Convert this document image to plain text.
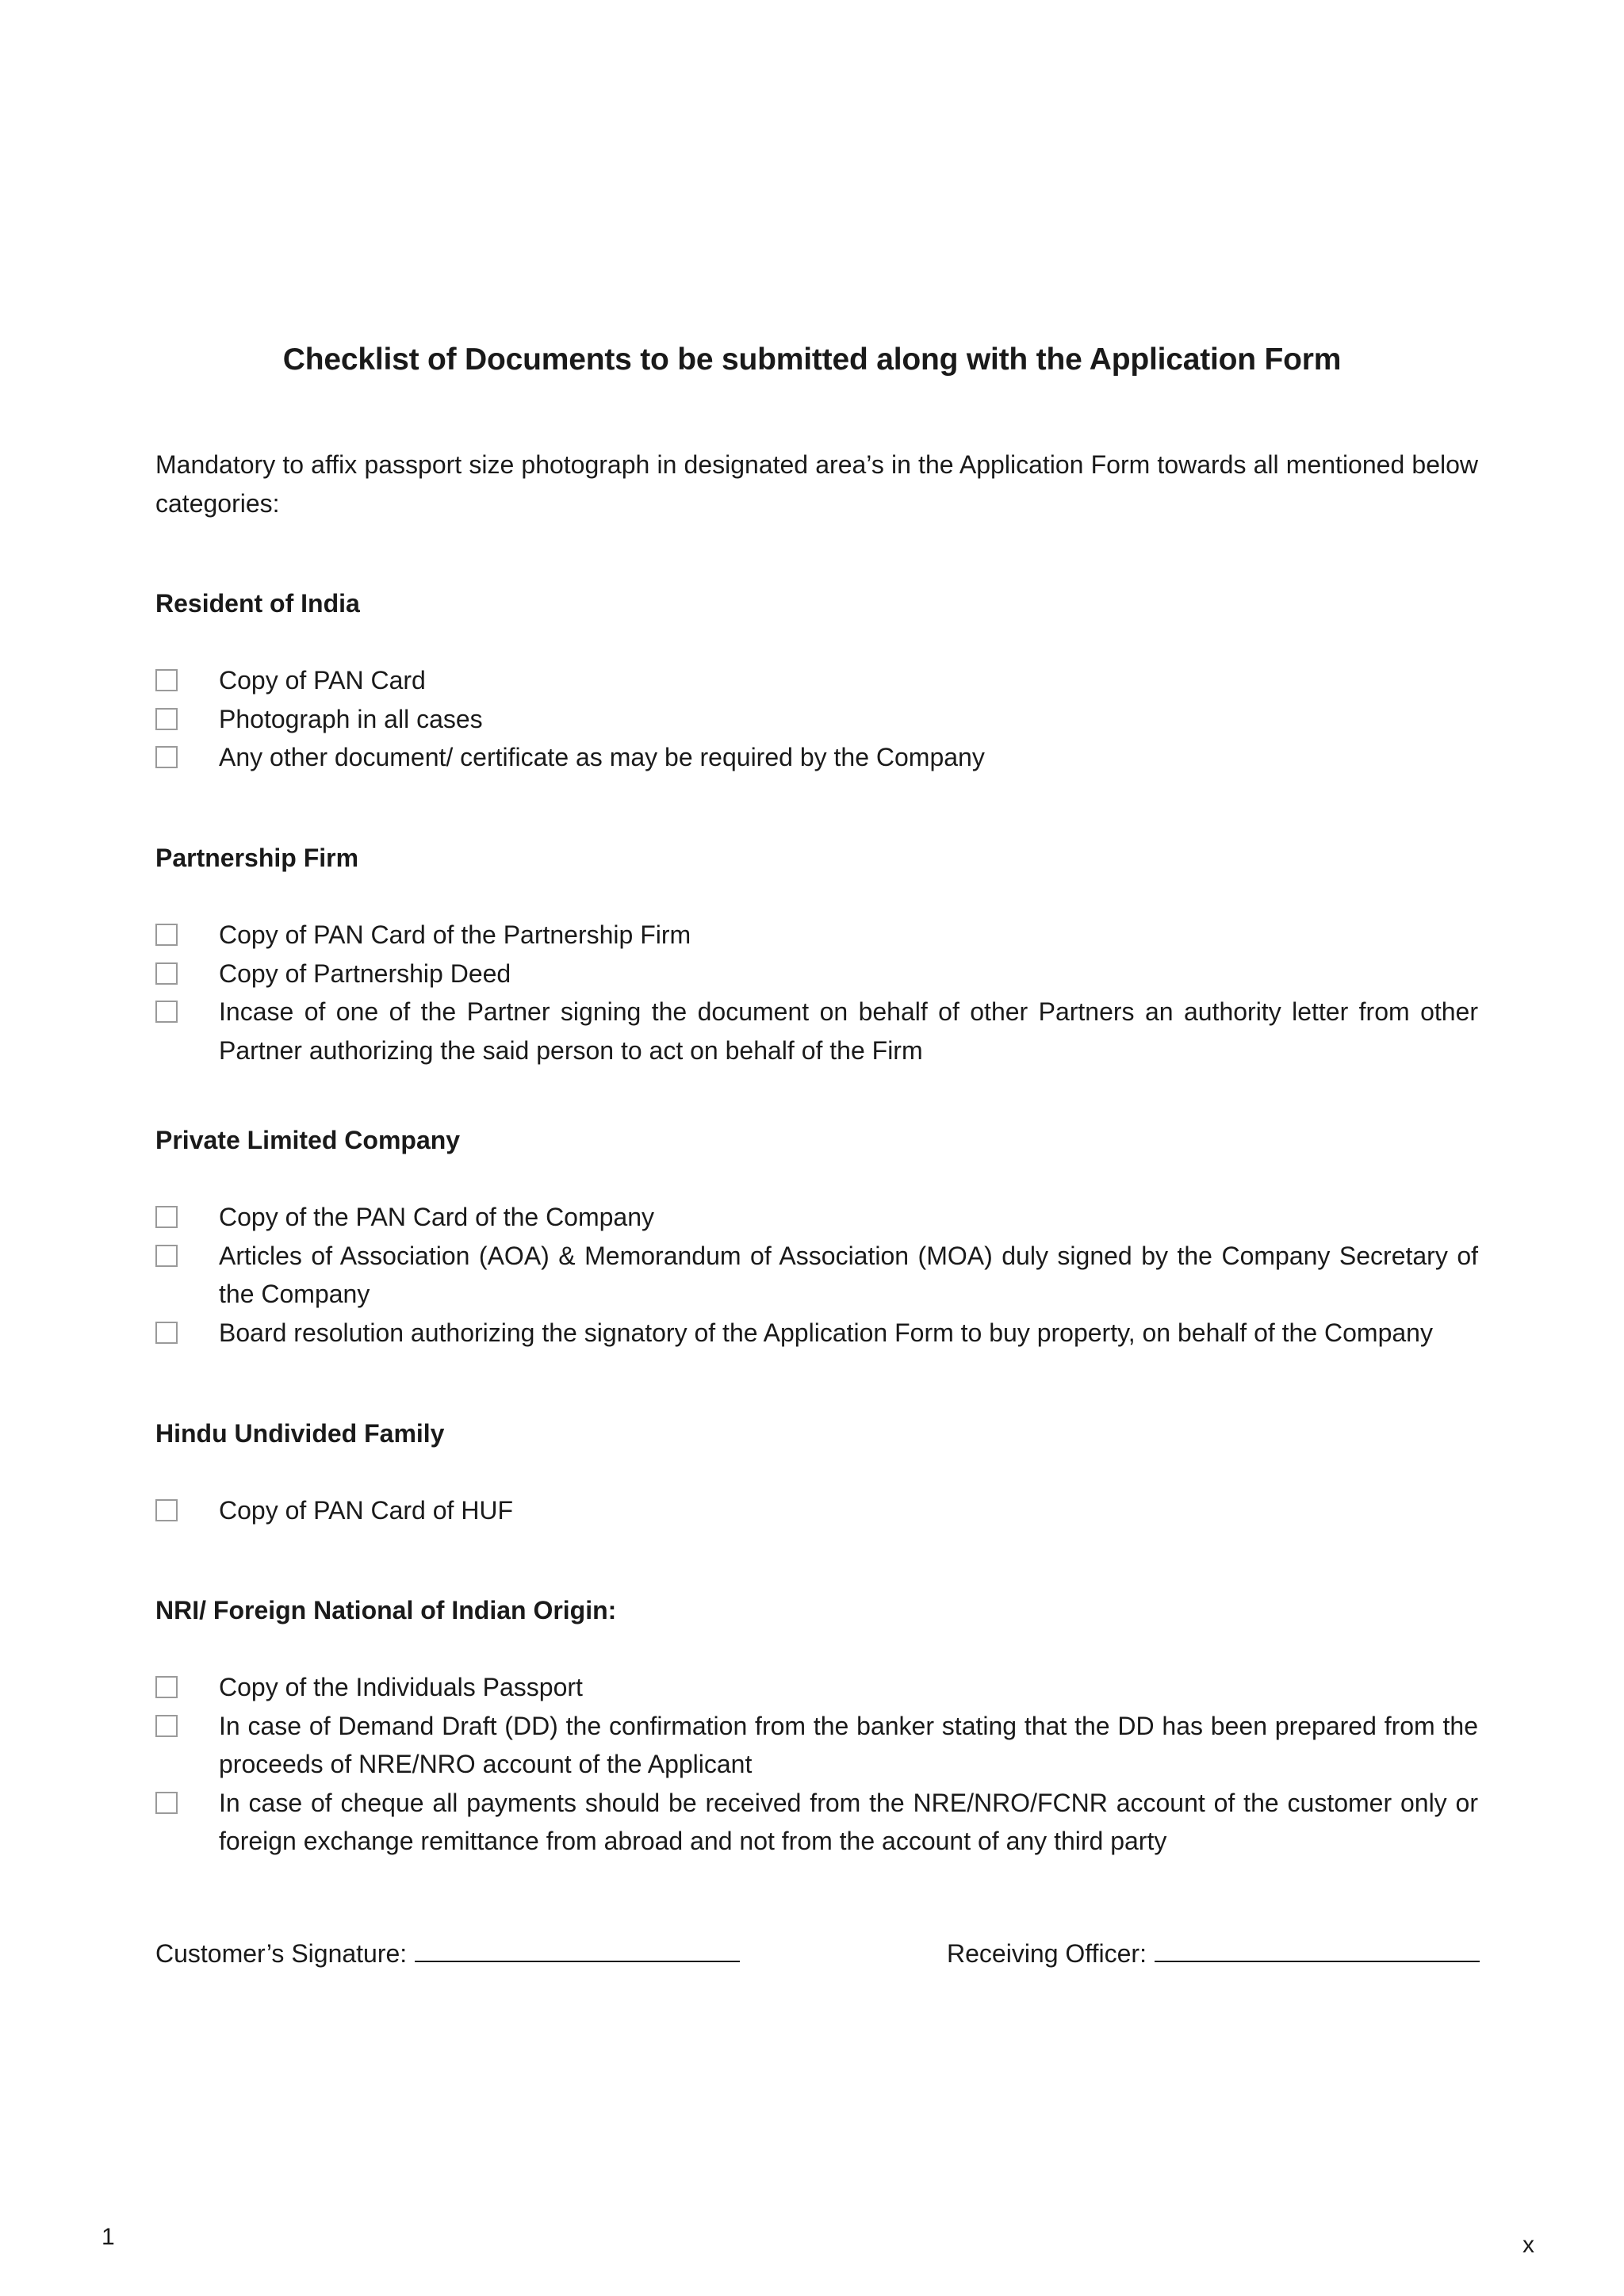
Checklist of Documents to be submitted along with the Application Form

Mandatory to affix passport size photograph in designated area’s in the Application Form towards all mentioned below categories:

Resident of India
Copy of PAN Card
Photograph in all cases
Any other document/ certificate as may be required by the Company
Partnership Firm
Copy of PAN Card of the Partnership Firm
Copy of Partnership Deed
Incase of one of the Partner signing the document on behalf of other Partners an authority letter from other Partner authorizing the said person to act on behalf of the Firm
Private Limited Company
Copy of the PAN Card of the Company
Articles of Association (AOA) & Memorandum of Association (MOA) duly signed by the Company Secretary of the Company
Board resolution authorizing the signatory of the Application Form to buy property, on behalf of the Company
Hindu Undivided Family
Copy of PAN Card of HUF
NRI/ Foreign National of Indian Origin:
Copy of the Individuals Passport
In case of Demand Draft (DD) the confirmation from the banker stating that the DD has been prepared from the proceeds of NRE/NRO account of the Applicant
In case of cheque all payments should be received from the NRE/NRO/FCNR account of the customer only or foreign exchange remittance from abroad and not from the account of any third party
Customer’s Signature:	Receiving Officer:
1	x
